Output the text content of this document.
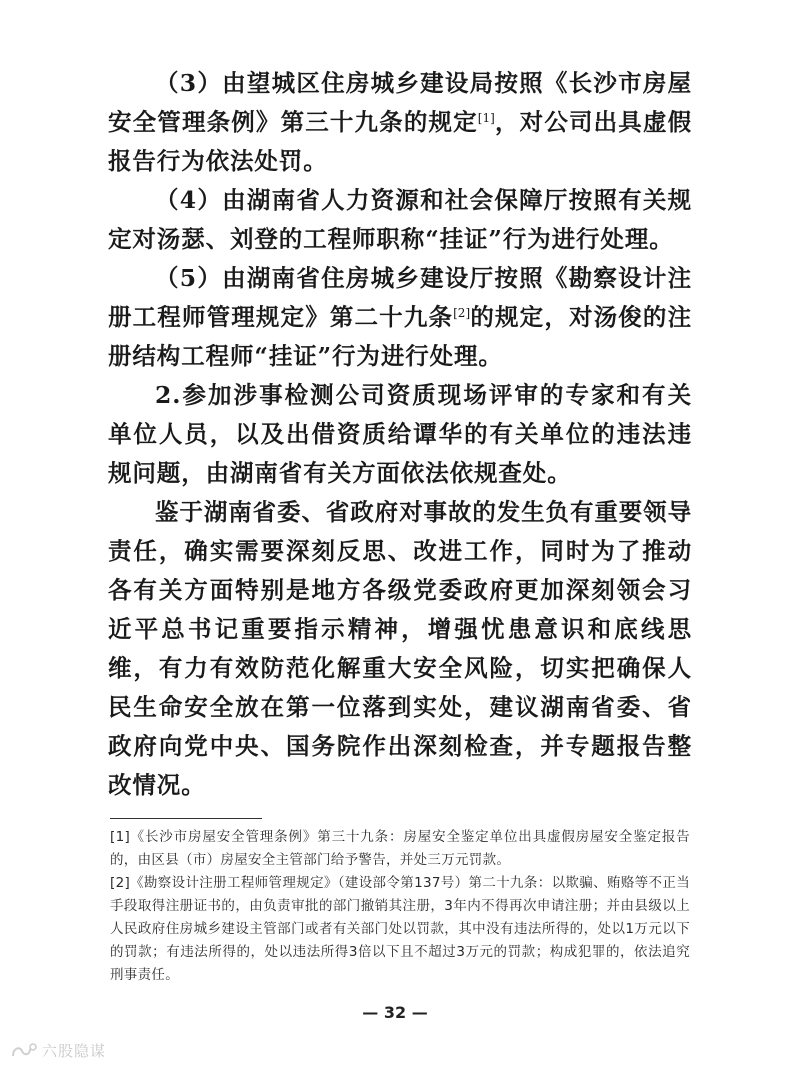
（3）由望城区住房城乡建设局按照《长沙市房屋安全管理条例》第三十九条的规定[1]，对公司出具虚假报告行为依法处罚。

（4）由湖南省人力资源和社会保障厅按照有关规定对汤瑟、刘登的工程师职称“挂证”行为进行处理。

（5）由湖南省住房城乡建设厅按照《勘察设计注册工程师管理规定》第二十九条[2]的规定，对汤俊的注册结构工程师“挂证”行为进行处理。

2.参加涉事检测公司资质现场评审的专家和有关单位人员，以及出借资质给谭华的有关单位的违法违规问题，由湖南省有关方面依法依规查处。

鉴于湖南省委、省政府对事故的发生负有重要领导责任，确实需要深刻反思、改进工作，同时为了推动各有关方面特别是地方各级党委政府更加深刻领会习近平总书记重要指示精神，增强忧患意识和底线思维，有力有效防范化解重大安全风险，切实把确保人民生命安全放在第一位落到实处，建议湖南省委、省政府向党中央、国务院作出深刻检查，并专题报告整改情况。

[1]《长沙市房屋安全管理条例》第三十九条：房屋安全鉴定单位出具虚假房屋安全鉴定报告的，由区县（市）房屋安全主管部门给予警告，并处三万元罚款。

[2]《勘察设计注册工程师管理规定》（建设部令第137号）第二十九条：以欺骗、贿赂等不正当手段取得注册证书的，由负责审批的部门撤销其注册，3年内不得再次申请注册；并由县级以上人民政府住房城乡建设主管部门或者有关部门处以罚款，其中没有违法所得的，处以1万元以下的罚款；有违法所得的，处以违法所得3倍以下且不超过3万元的罚款；构成犯罪的，依法追究刑事责任。

— 32 —
六股隐谋
